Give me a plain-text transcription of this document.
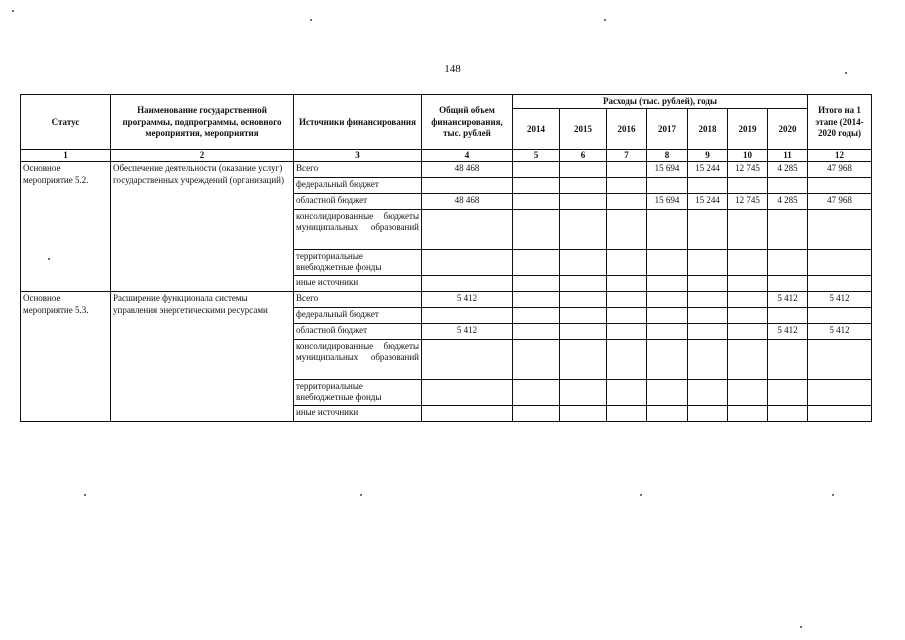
148
Статус	Наименование государственной программы, подпрограммы, основного мероприятия, мероприятия	Источники финансирования	Общий объем финансирования, тыс. рублей	Расходы (тыс. рублей), годы							Итого на 1 этапе (2014-2020 годы)
				2014	2015	2016	2017	2018	2019	2020	
1	2	3	4	5	6	7	8	9	10	11	12
Основное мероприятие 5.2.	Обеспечение деятельности (оказание услуг) государственных учреждений (организаций)	Всего	48 468				15 694	15 244	12 745	4 285	47 968
		федеральный бюджет									
		областной бюджет	48 468				15 694	15 244	12 745	4 285	47 968
		консолидированные бюджеты муниципальных образований									
		территориальные внебюджетные фонды									
		иные источники									
Основное мероприятие 5.3.	Расширение функционала системы управления энергетическими ресурсами	Всего	5 412							5 412	5 412
		федеральный бюджет									
		областной бюджет	5 412							5 412	5 412
		консолидированные бюджеты муниципальных образований									
		территориальные внебюджетные фонды									
		иные источники									
